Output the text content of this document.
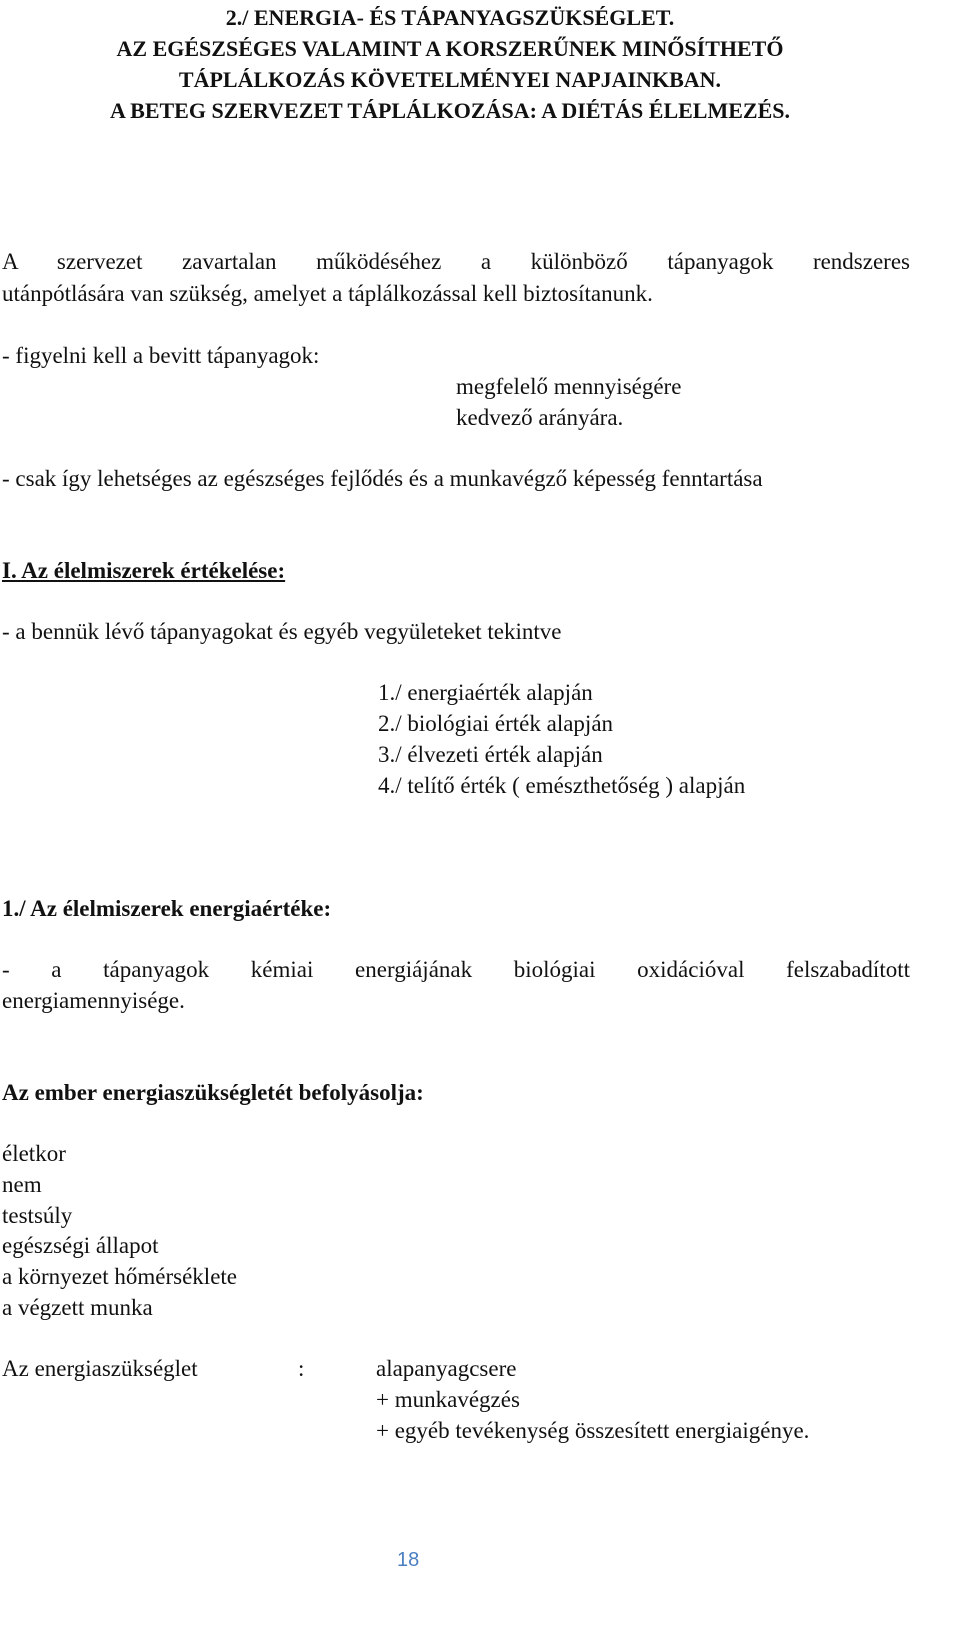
2./ ENERGIA- ÉS TÁPANYAGSZÜKSÉGLET.
AZ EGÉSZSÉGES VALAMINT A KORSZERŰNEK MINŐSÍTHETŐ
TÁPLÁLKOZÁS KÖVETELMÉNYEI NAPJAINKBAN.
A BETEG SZERVEZET TÁPLÁLKOZÁSA: A DIÉTÁS ÉLELMEZÉS.
A szervezet zavartalan működéséhez a különböző tápanyagok rendszeres
utánpótlására van szükség, amelyet a táplálkozással kell biztosítanunk.
- figyelni kell a bevitt tápanyagok:
megfelelő mennyiségére
kedvező arányára.
- csak így lehetséges az egészséges fejlődés és a munkavégző képesség fenntartása
I. Az élelmiszerek értékelése:
- a bennük lévő tápanyagokat és egyéb vegyületeket tekintve
1./ energiaérték alapján
2./ biológiai érték alapján
3./ élvezeti érték alapján
4./ telítő érték ( emészthetőség ) alapján
1./ Az élelmiszerek energiaértéke:
- a tápanyagok kémiai energiájának biológiai oxidációval felszabadított
energiamennyisége.
Az ember energiaszükségletét befolyásolja:
életkor
nem
testsúly
egészségi állapot
a környezet hőmérséklete
a végzett munka
Az energiaszükséglet	:	alapanyagcsere
+ munkavégzés
+ egyéb tevékenység összesített energiaigénye.
18
